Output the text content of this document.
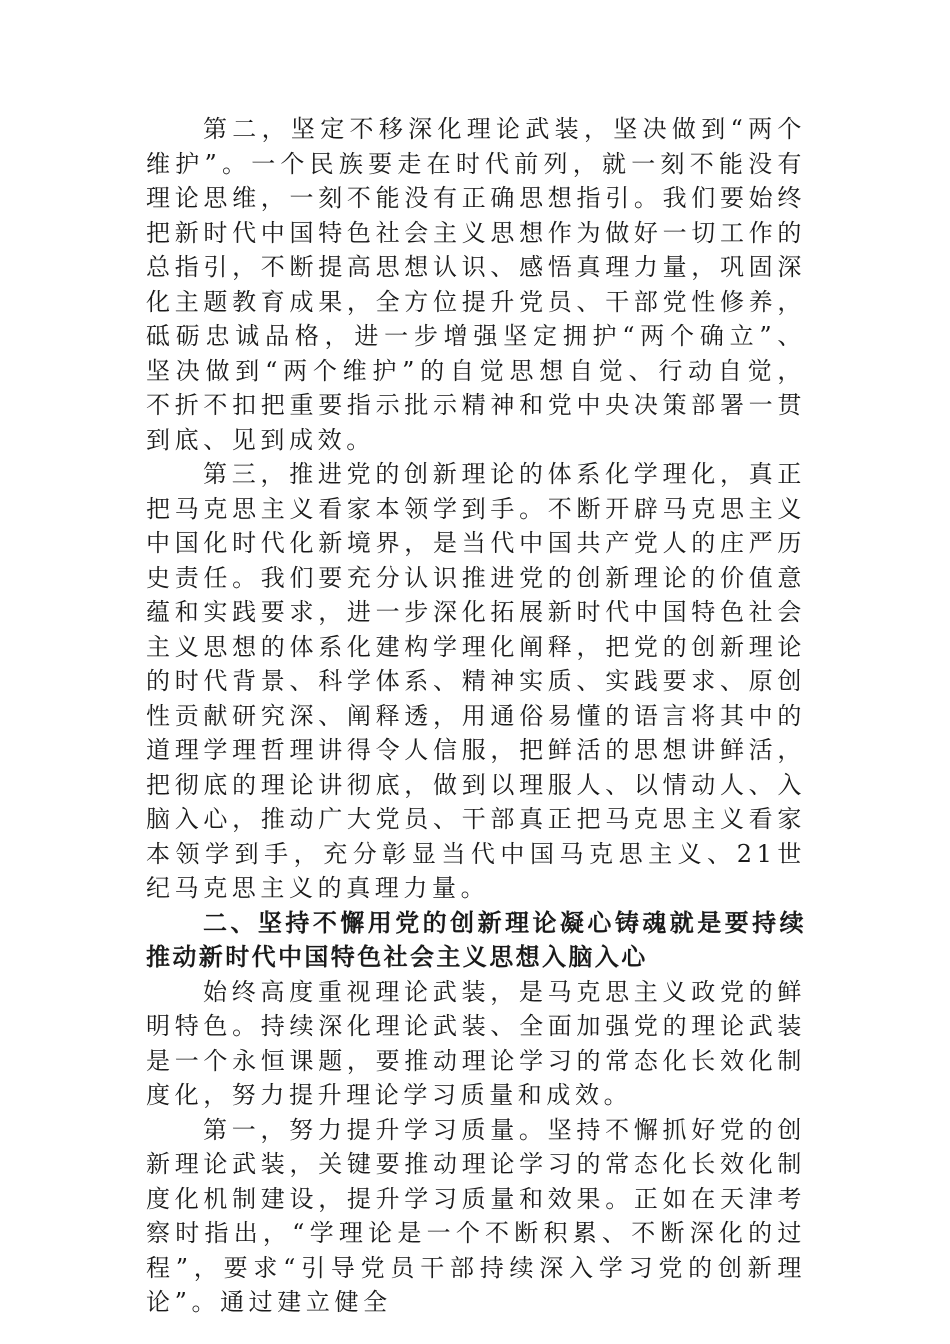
第二，坚定不移深化理论武装，坚决做到“两个维护”。一个民族要走在时代前列，就一刻不能没有理论思维，一刻不能没有正确思想指引。我们要始终把新时代中国特色社会主义思想作为做好一切工作的总指引，不断提高思想认识、感悟真理力量，巩固深化主题教育成果，全方位提升党员、干部党性修养，砥砺忠诚品格，进一步增强坚定拥护“两个确立”、坚决做到“两个维护”的自觉思想自觉、行动自觉，不折不扣把重要指示批示精神和党中央决策部署一贯到底、见到成效。

第三，推进党的创新理论的体系化学理化，真正把马克思主义看家本领学到手。不断开辟马克思主义中国化时代化新境界，是当代中国共产党人的庄严历史责任。我们要充分认识推进党的创新理论的价值意蕴和实践要求，进一步深化拓展新时代中国特色社会主义思想的体系化建构学理化阐释，把党的创新理论的时代背景、科学体系、精神实质、实践要求、原创性贡献研究深、阐释透，用通俗易懂的语言将其中的道理学理哲理讲得令人信服，把鲜活的思想讲鲜活，把彻底的理论讲彻底，做到以理服人、以情动人、入脑入心，推动广大党员、干部真正把马克思主义看家本领学到手，充分彰显当代中国马克思主义、21世纪马克思主义的真理力量。

二、坚持不懈用党的创新理论凝心铸魂就是要持续推动新时代中国特色社会主义思想入脑入心

始终高度重视理论武装，是马克思主义政党的鲜明特色。持续深化理论武装、全面加强党的理论武装是一个永恒课题，要推动理论学习的常态化长效化制度化，努力提升理论学习质量和成效。

第一，努力提升学习质量。坚持不懈抓好党的创新理论武装，关键要推动理论学习的常态化长效化制度化机制建设，提升学习质量和效果。正如在天津考察时指出，“学理论是一个不断积累、不断深化的过程”，要求“引导党员干部持续深入学习党的创新理论”。通过建立健全
